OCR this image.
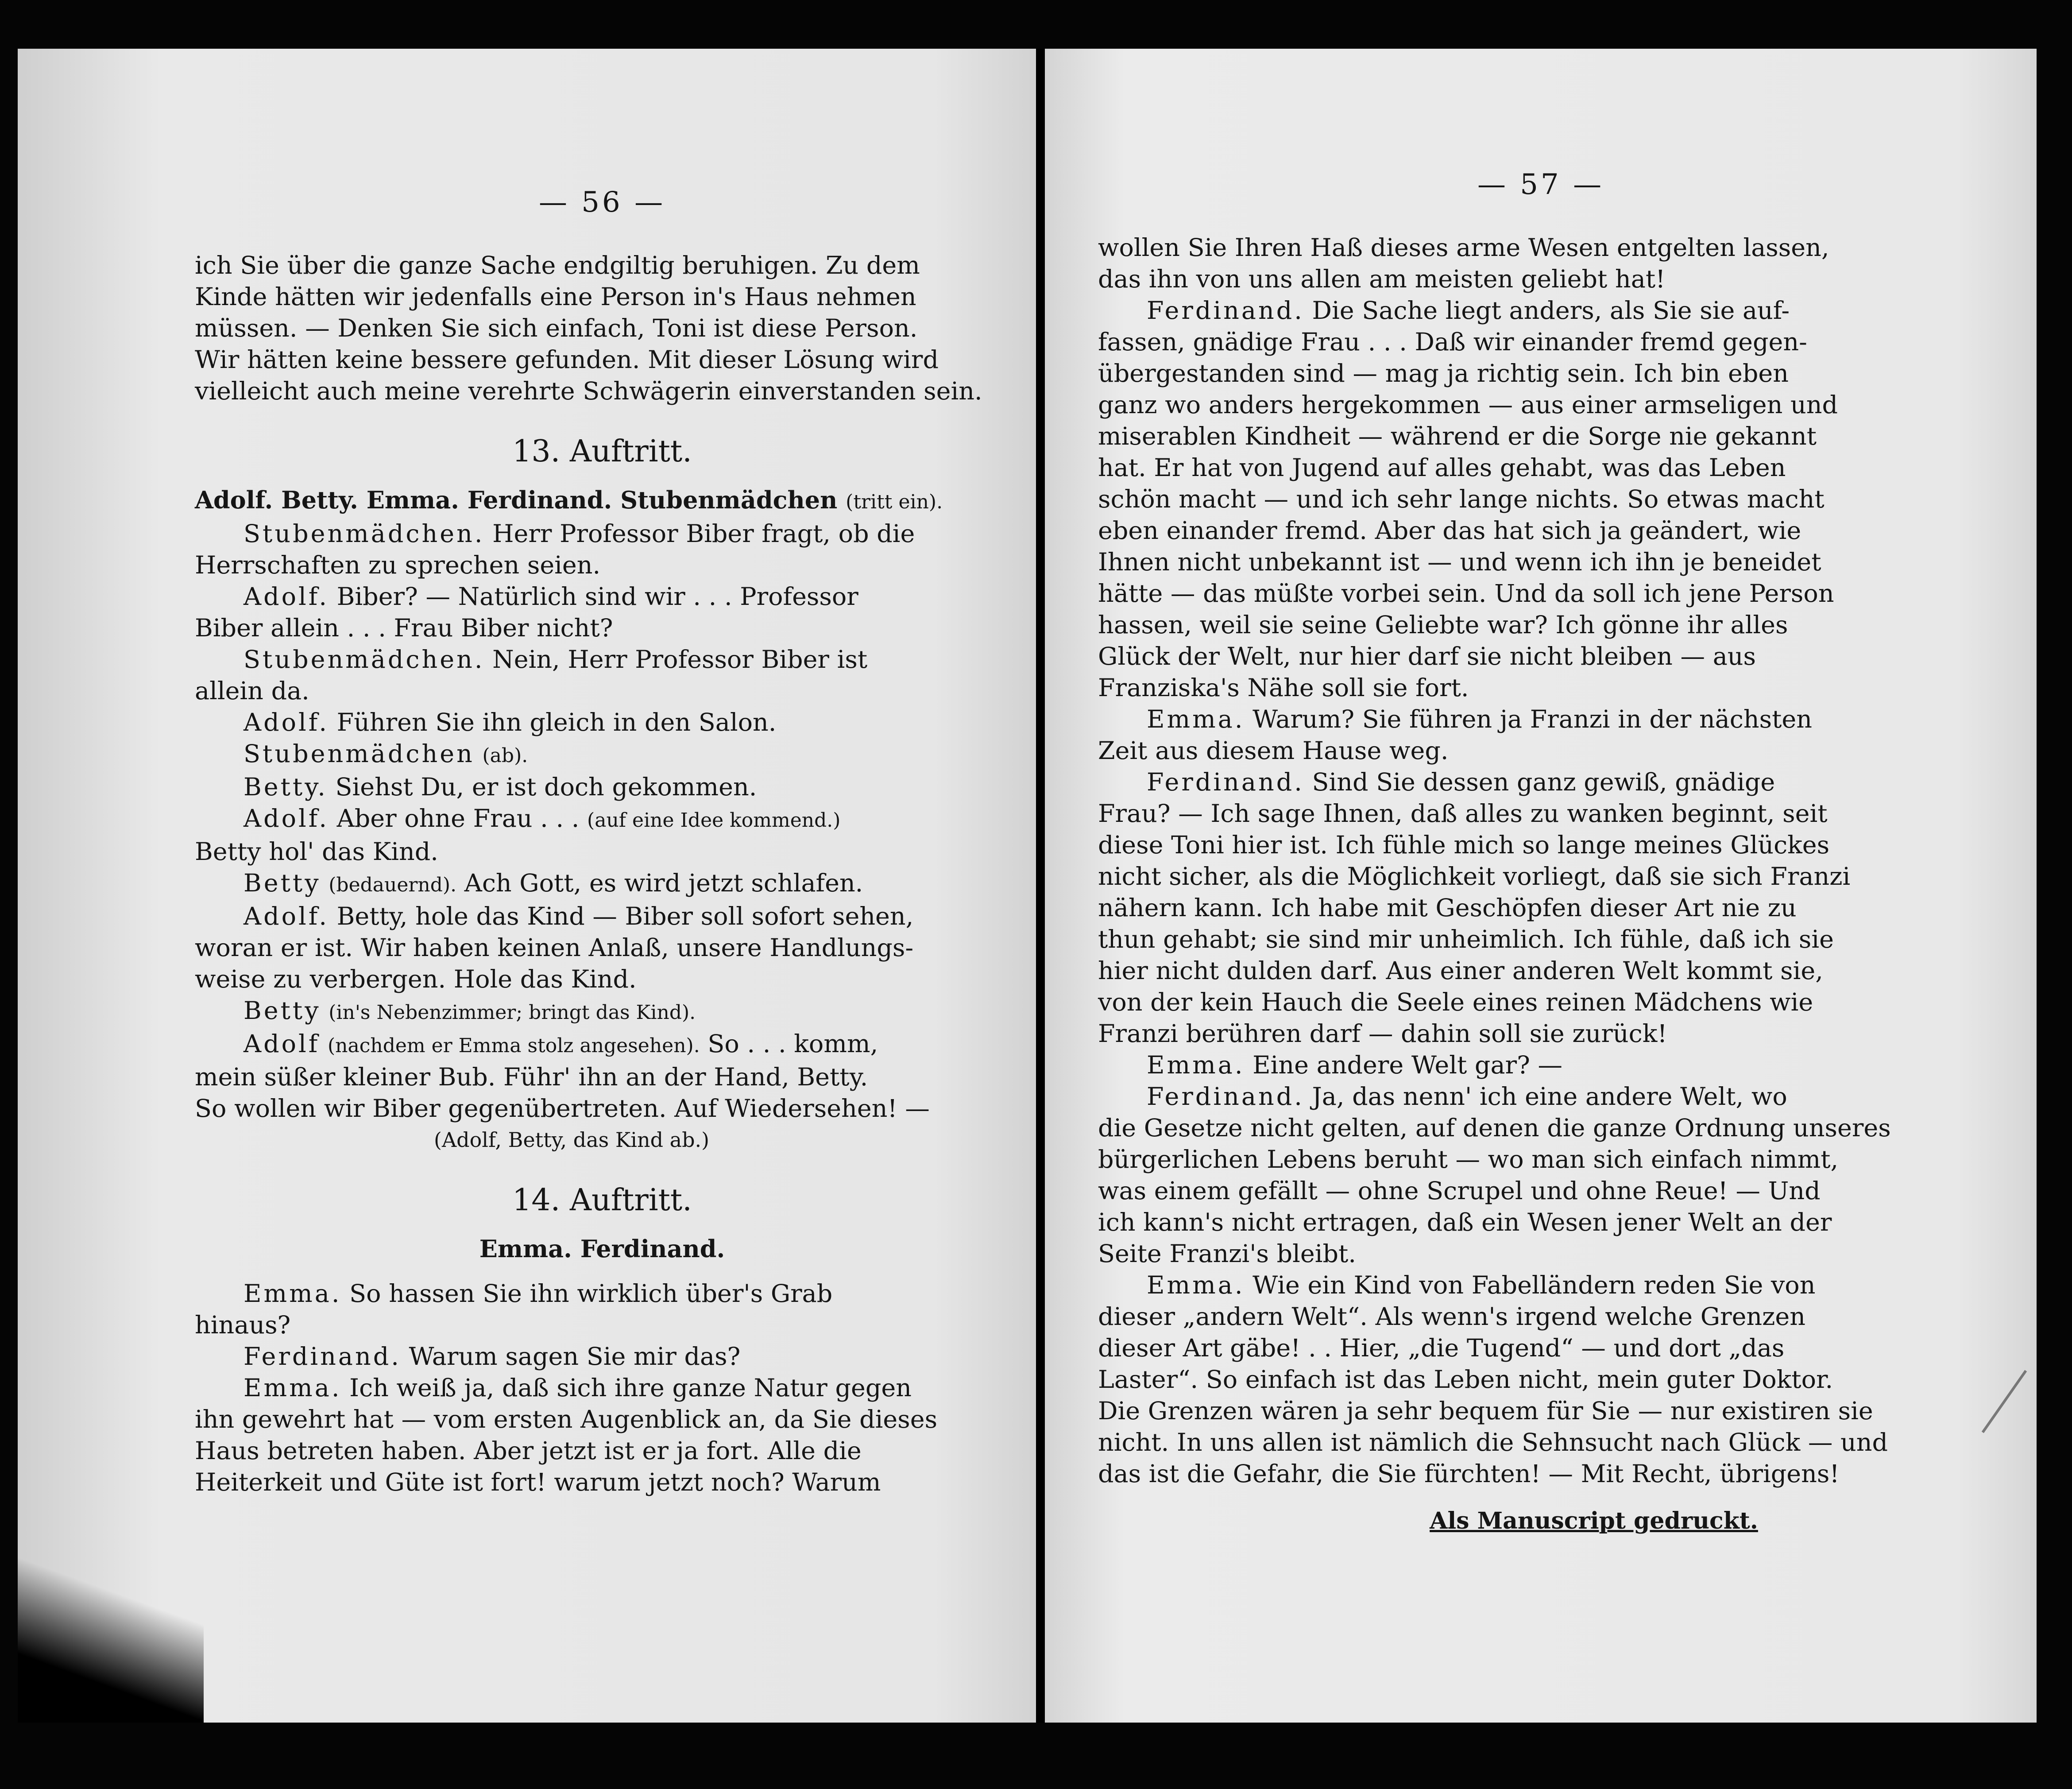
— 56 —
ich Sie über die ganze Sache endgiltig beruhigen. Zu dem
Kinde hätten wir jedenfalls eine Person in's Haus nehmen
müssen. — Denken Sie sich einfach, Toni ist diese Person.
Wir hätten keine bessere gefunden. Mit dieser Lösung wird
vielleicht auch meine verehrte Schwägerin einverstanden sein.
13. Auftritt.
Adolf. Betty. Emma. Ferdinand. Stubenmädchen (tritt ein).
Stubenmädchen. Herr Professor Biber fragt, ob die
Herrschaften zu sprechen seien.
Adolf. Biber? — Natürlich sind wir . . . Professor
Biber allein . . . Frau Biber nicht?
Stubenmädchen. Nein, Herr Professor Biber ist
allein da.
Adolf. Führen Sie ihn gleich in den Salon.
Stubenmädchen (ab).
Betty. Siehst Du, er ist doch gekommen.
Adolf. Aber ohne Frau . . . (auf eine Idee kommend.)
Betty hol' das Kind.
Betty (bedauernd). Ach Gott, es wird jetzt schlafen.
Adolf. Betty, hole das Kind — Biber soll sofort sehen,
woran er ist. Wir haben keinen Anlaß, unsere Handlungs-
weise zu verbergen. Hole das Kind.
Betty (in's Nebenzimmer; bringt das Kind).
Adolf (nachdem er Emma stolz angesehen). So . . . komm,
mein süßer kleiner Bub. Führ' ihn an der Hand, Betty.
So wollen wir Biber gegenübertreten. Auf Wiedersehen! —
(Adolf, Betty, das Kind ab.)
14. Auftritt.
Emma. Ferdinand.
Emma. So hassen Sie ihn wirklich über's Grab
hinaus?
Ferdinand. Warum sagen Sie mir das?
Emma. Ich weiß ja, daß sich ihre ganze Natur gegen
ihn gewehrt hat — vom ersten Augenblick an, da Sie dieses
Haus betreten haben. Aber jetzt ist er ja fort. Alle die
Heiterkeit und Güte ist fort! warum jetzt noch? Warum
— 57 —
wollen Sie Ihren Haß dieses arme Wesen entgelten lassen,
das ihn von uns allen am meisten geliebt hat!
Ferdinand. Die Sache liegt anders, als Sie sie auf-
fassen, gnädige Frau . . . Daß wir einander fremd gegen-
übergestanden sind — mag ja richtig sein. Ich bin eben
ganz wo anders hergekommen — aus einer armseligen und
miserablen Kindheit — während er die Sorge nie gekannt
hat. Er hat von Jugend auf alles gehabt, was das Leben
schön macht — und ich sehr lange nichts. So etwas macht
eben einander fremd. Aber das hat sich ja geändert, wie
Ihnen nicht unbekannt ist — und wenn ich ihn je beneidet
hätte — das müßte vorbei sein. Und da soll ich jene Person
hassen, weil sie seine Geliebte war? Ich gönne ihr alles
Glück der Welt, nur hier darf sie nicht bleiben — aus
Franziska's Nähe soll sie fort.
Emma. Warum? Sie führen ja Franzi in der nächsten
Zeit aus diesem Hause weg.
Ferdinand. Sind Sie dessen ganz gewiß, gnädige
Frau? — Ich sage Ihnen, daß alles zu wanken beginnt, seit
diese Toni hier ist. Ich fühle mich so lange meines Glückes
nicht sicher, als die Möglichkeit vorliegt, daß sie sich Franzi
nähern kann. Ich habe mit Geschöpfen dieser Art nie zu
thun gehabt; sie sind mir unheimlich. Ich fühle, daß ich sie
hier nicht dulden darf. Aus einer anderen Welt kommt sie,
von der kein Hauch die Seele eines reinen Mädchens wie
Franzi berühren darf — dahin soll sie zurück!
Emma. Eine andere Welt gar? —
Ferdinand. Ja, das nenn' ich eine andere Welt, wo
die Gesetze nicht gelten, auf denen die ganze Ordnung unseres
bürgerlichen Lebens beruht — wo man sich einfach nimmt,
was einem gefällt — ohne Scrupel und ohne Reue! — Und
ich kann's nicht ertragen, daß ein Wesen jener Welt an der
Seite Franzi's bleibt.
Emma. Wie ein Kind von Fabelländern reden Sie von
dieser „andern Welt“. Als wenn's irgend welche Grenzen
dieser Art gäbe! . . Hier, „die Tugend“ — und dort „das
Laster“. So einfach ist das Leben nicht, mein guter Doktor.
Die Grenzen wären ja sehr bequem für Sie — nur existiren sie
nicht. In uns allen ist nämlich die Sehnsucht nach Glück — und
das ist die Gefahr, die Sie fürchten! — Mit Recht, übrigens!
Als Manuscript gedruckt.
